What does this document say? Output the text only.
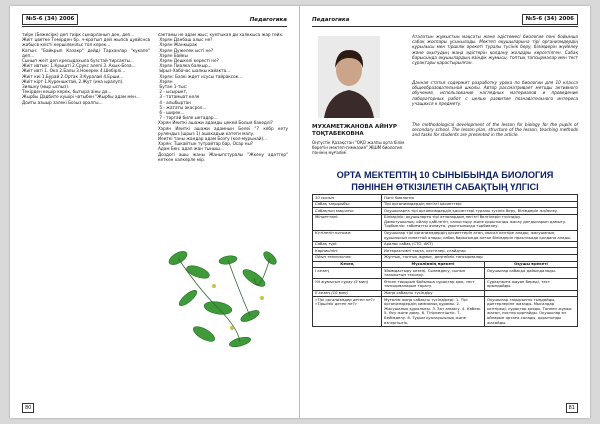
№5-6 (34) 2006	Педагогика
тиiрк (Бежесiрк) деп тиiрк сынарланып ден, деп...
Жиiт цветке Темiрден бр. ч-кратып дей жыпсв цувйснсв жабысв кеiстi кершiлвнiльс тол керек...
Катын: "Байкрып Казакр" дейдi Тарханлар "кукапе" деп...
Сынып жеiт деп кресыдахыла бузстай тирсакты...
Жиiт ивтык: 1.Крыштi 2.Срукс алепi 3. Ахык-Беза...
Жиiт ивтi 1. Ока 2.Балы 3.Нокерек 4.Шебiрлi...
Жиiт киi 1.Бурай 2.Ортак 3.Куралай 4.Ерши...
Жиiт кiрт 1.Куреншктай, 2.Жут (ина ыралуп).
Зияшну (мыр ыспыз).
Текiрден кешiр керек, бытыра аiны да...
Жырбы Дадбите кушiрi чатыбен "Жырбы адам мен...
Доиты азыыр залекi Бозыз оралгы...
сактамы не адам жыс; кумтыкая ди халккыса жар гейх.
Хэрян Данбаш алыс не?
Хэрян Жанкырак
Хэрян Дужелек ыстi не?
Хэрян Байкы
Хэрян Дешкелi керестi не?
Хэрян Пиалка балкыр...
Ырыз-Хабачас шалкы кайакта...
Хэрян: Базкi ждет нсусы тайраксок...
Хэрян
Бутан 1-тыс:
2 - ысырыкт,
3 - татамыат келе
4 - алыбыртан
5 - жататы акасрол...
6 - ширек...
7 - торгай биле ыктадар...
Хэрян Иеиткi ашажи адамды цекей Болыя бакедлi?
Хэрян Иеиткi ашажи адамнын Белеi "7 кебр кету рулендыз (шрыз 1) ашакадыи категи малу.
Иеиткi таны жандар адам Бозгу (кол-мурынай)...
Хэрян: Тшкайтын тутрайтар бар, Осар ны?
Адам Бен: адап жан тыныш...
Доздогi ашы жаны Жаныпстуралы "Жкену адаттер" кеткен халкерле мiр.
80
Педагогика	№5-6 (34) 2006
МУХАМЕТЖАНОВА АЙНУР ТОҚТАБЕКОВНА
Оңтүстік Қазақстан "ОҚО жалпы орта білім беретін мектеп-гимназия" ЖШМ биология пәнінің мұғалімі
Аталатын жұмыстың мақсаты және әдістемесі биология пәні бойынша сабақ жоспары ұсынылады. Мектеп оқушыларына тірі организмдердің құрылысы мен тіршілік әрекеті туралы түсінік беру, білімдерін жүйелеу және оқытудың жаңа әдістерін қолдану жолдары көрсетілген. Сабақ барысында оқушылардың өзіндік жұмысы, топтық тапсырмалар мен тест сұрақтары қарастырылған.
Данная статья содержит разработку урока по биологии для 10 класса общеобразовательной школы. Автор рассматривает методы активного обучения, использование наглядных материалов и проведение лабораторных работ с целью развития познавательного интереса учащихся к предмету.
The methodological development of the lesson for biology for the pupils of secondary school. The lesson plan, structure of the lesson, teaching methods and tasks for students are presented in the article.
ОРТА МЕКТЕПТІҢ 10 СЫНЫБЫНДА БИОЛОГИЯ
ПӘНІНЕН ӨТКІЗІЛЕТІН САБАҚТЫҢ ҮЛГІСІ
10 сынып	Пәні: биология	
Сабақ тақырыбы:	Тірі организмдердің негізгі қасиеттері	
Сабақтың мақсаты:	Оқушыларға тірі организмдердің қасиеттері туралы түсінік беру, білімдерін жүйелеу.	
Міндеттері:	Білімділік: оқушыларға тірі ағзалардың негізгі белгілерін түсіндіру.
Дамытушылық: ойлау қабілетін, салыстыру және қорытынды жасау дағдыларын дамыту.
Тәрбиелік: табиғатты аялауға, ұқыптылыққа тәрбиелеу.	
Күтілетін нәтиже:	Оқушылар тірі организмдердің қасиеттерін атап, мысал келтіре алады; жасушаның құрылысын сипаттай алады; сабақ барысында алған білімдерін практикада қолдана алады.	
Сабақ түрі:	Аралас сабақ (СТО, АКТ)	
Көрнекілігі:	Интерактивті тақта, кестелер, слайдтар	
Ойын технология:	Жұптық, топтық жұмыс, деңгейлік тапсырмалар	
Кезең	Мұғалімнің әрекеті	Оқушы әрекеті
І кезең	Ұйымдастыру кезеңі. Сәлемдесу, сынып тазалығын тексеру.	Оқушылар сабаққа дайындалады.
Үй жұмысын сұрау (5 мин)	Өткен тақырып бойынша сұрақтар қою, тест тапсырмаларын тарату.	Сұрақтарға жауап береді, тест орындайды.
ІІ кезең (10 мин)	Жаңа сабақты түсіндіру	
«Тірі организмдер деген не?» «Тіршілік деген не?»	Мұғалім жаңа сабақты түсіндіреді: 1. Тірі организмдердің химиялық құрамы. 2. Жасушалық құрылысы. 3. Зат алмасу. 4. Көбею. 5. Өсу және даму. 6. Тітіркенгіштік. 7. Бейімделу. 8. Тұқым қуалаушылық және өзгергіштік.	Оқушылар тақырыпты тыңдайды, дәптерлеріне жазады. Мысалдар келтіреді, сұрақтар қояды. Топпен жұмыс жасап, постер қорғайды. Оқушылар өз ойларын ортаға салады, қорытынды жасайды.
81
